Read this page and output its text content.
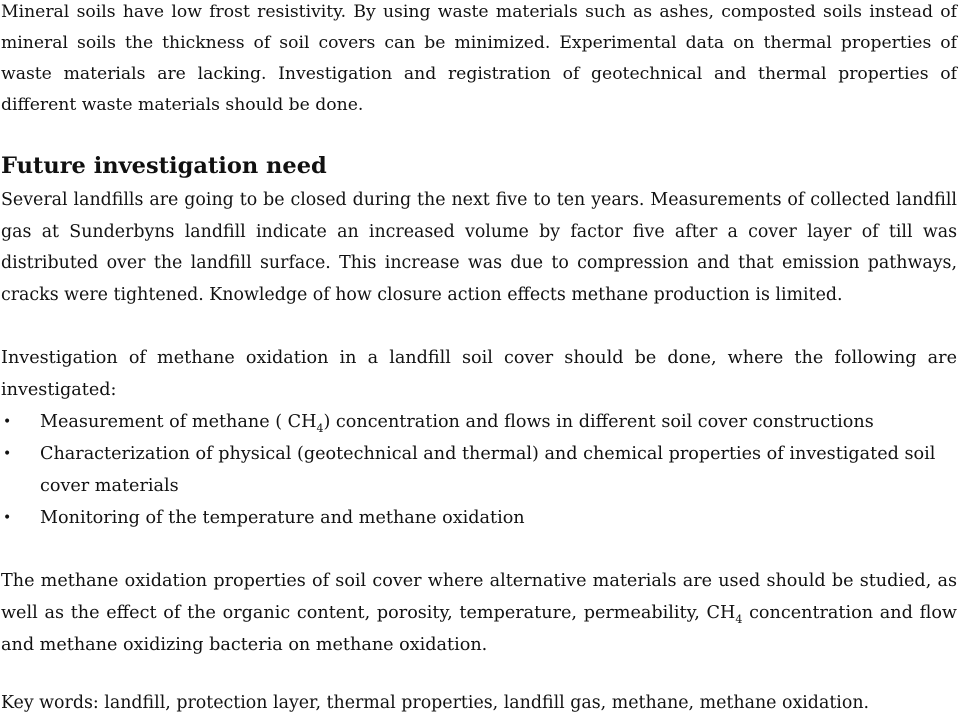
Mineral soils have low frost resistivity. By using waste materials such as ashes, composted soils instead of mineral soils the thickness of soil covers can be minimized. Experimental data on thermal properties of waste materials are lacking. Investigation and registration of geotechnical and thermal properties of different waste materials should be done.

Future investigation need

Several landfills are going to be closed during the next five to ten years. Measurements of collected landfill gas at Sunderbyns landfill indicate an increased volume by factor five after a cover layer of till was distributed over the landfill surface. This increase was due to compression and that emission pathways, cracks were tightened. Knowledge of how closure action effects methane production is limited.

Investigation of methane oxidation in a landfill soil cover should be done, where the following are investigated:

• Measurement of methane ( $CH_4$) concentration and flows in different soil cover constructions
• Characterization of physical (geotechnical and thermal) and chemical properties of investigated soil cover materials
• Monitoring of the temperature and methane oxidation

The methane oxidation properties of soil cover where alternative materials are used should be studied, as well as the effect of the organic content, porosity, temperature, permeability, $CH_4$ concentration and flow and methane oxidizing bacteria on methane oxidation.

Key words: landfill, protection layer, thermal properties, landfill gas, methane, methane oxidation.
